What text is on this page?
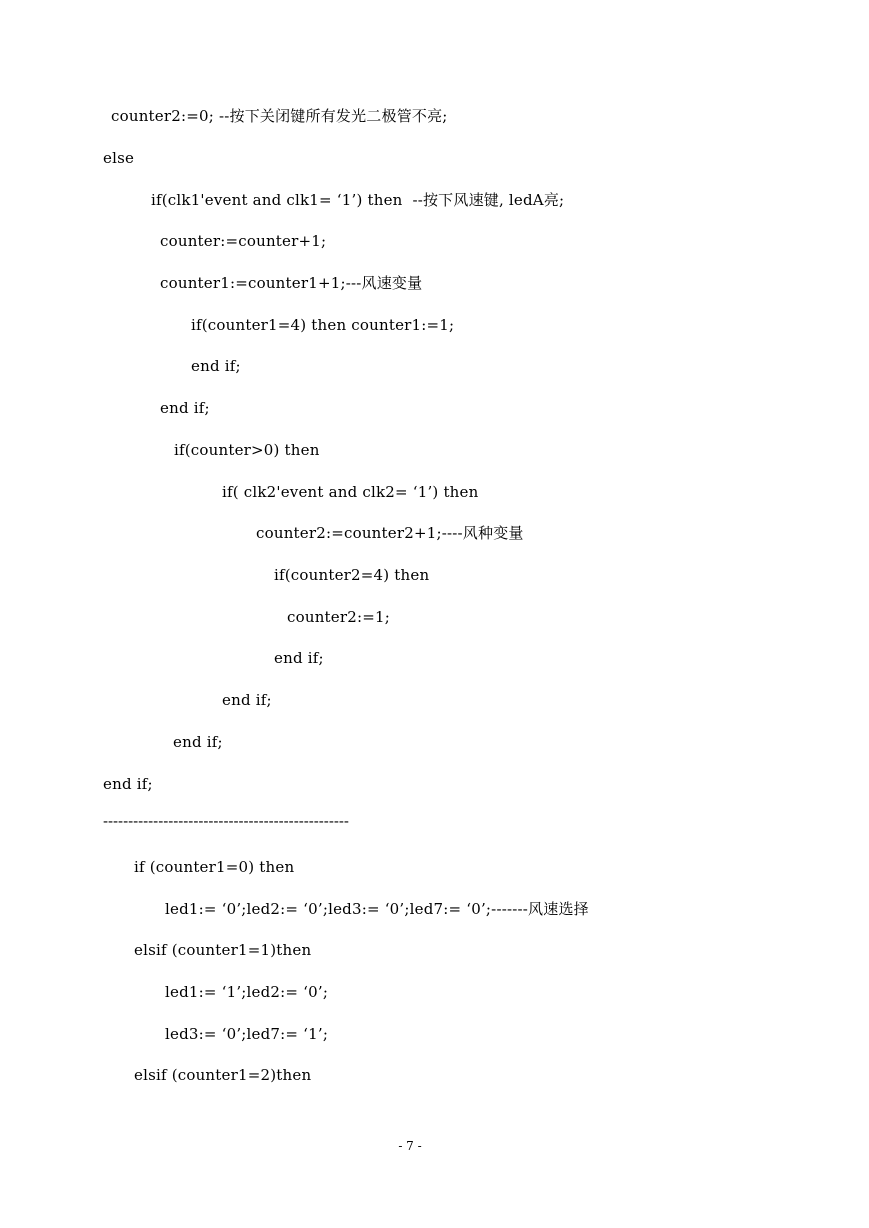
counter2:=0; --按下关闭键所有发光二极管不亮;
else
if(clk1'event and clk1= ‘1’) then  --按下风速键, ledA亮;
counter:=counter+1;
counter1:=counter1+1;---风速变量
if(counter1=4) then counter1:=1;
end if;
end if;
if(counter>0) then
if( clk2'event and clk2= ‘1’) then
counter2:=counter2+1;----风种变量
if(counter2=4) then
counter2:=1;
end if;
end if;
end if;
end if;
-------------------------------------------------
if (counter1=0) then
led1:= ‘0’;led2:= ‘0’;led3:= ‘0’;led7:= ‘0’;-------风速选择
elsif (counter1=1)then
led1:= ‘1’;led2:= ‘0’;
led3:= ‘0’;led7:= ‘1’;
elsif (counter1=2)then
- 7 -
